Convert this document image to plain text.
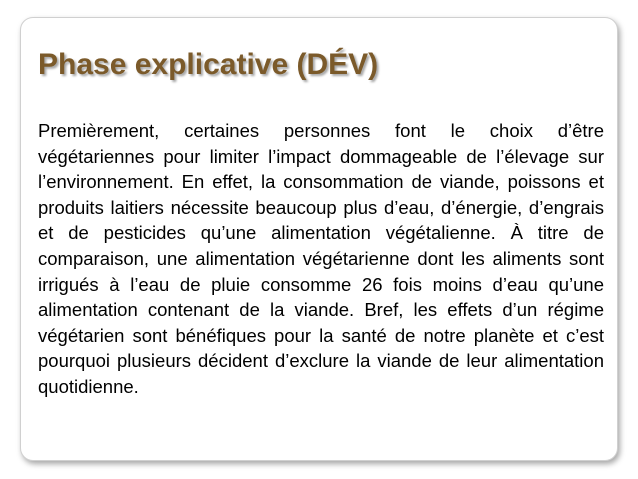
Phase explicative (DÉV)

Premièrement, certaines personnes font le choix d’être végétariennes pour limiter l’impact dommageable de l’élevage sur l’environnement. En effet, la consommation de viande, poissons et produits laitiers nécessite beaucoup plus d’eau, d’énergie, d’engrais et de pesticides qu’une alimentation végétalienne. À titre de comparaison, une alimentation végétarienne dont les aliments sont irrigués à l’eau de pluie consomme 26 fois moins d’eau qu’une alimentation contenant de la viande. Bref, les effets d’un régime végétarien sont bénéfiques pour la santé de notre planète et c’est pourquoi plusieurs décident d’exclure la viande de leur alimentation quotidienne.
